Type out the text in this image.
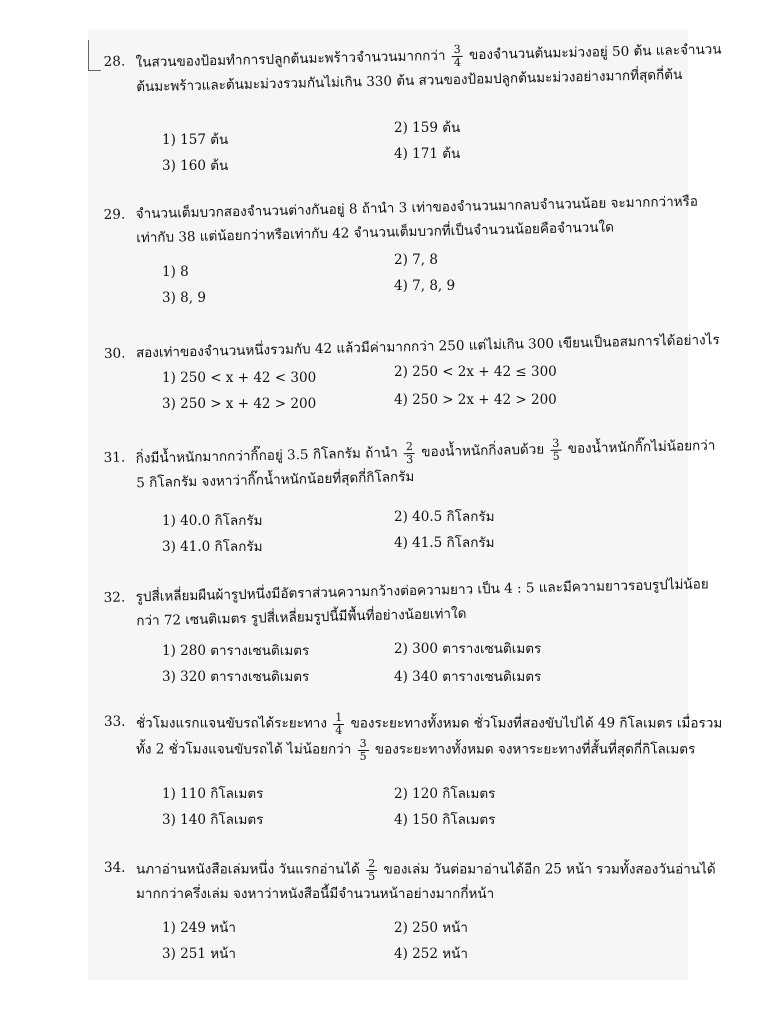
28. ในสวนของป้อมทำการปลูกต้นมะพร้าวจำนวนมากกว่า $\frac{3}{4}$ ของจำนวนต้นมะม่วงอยู่ 50 ต้น และจำนวน
ต้นมะพร้าวและต้นมะม่วงรวมกันไม่เกิน 330 ต้น สวนของป้อมปลูกต้นมะม่วงอย่างมากที่สุดกี่ต้น
1) 157 ต้น
2) 159 ต้น
3) 160 ต้น
4) 171 ต้น
29. จำนวนเต็มบวกสองจำนวนต่างกันอยู่ 8 ถ้านำ 3 เท่าของจำนวนมากลบจำนวนน้อย จะมากกว่าหรือ
เท่ากับ 38 แต่น้อยกว่าหรือเท่ากับ 42 จำนวนเต็มบวกที่เป็นจำนวนน้อยคือจำนวนใด
1) 8
2) 7, 8
3) 8, 9
4) 7, 8, 9
30. สองเท่าของจำนวนหนึ่งรวมกับ 42 แล้วมีค่ามากกว่า 250 แต่ไม่เกิน 300 เขียนเป็นอสมการได้อย่างไร
1) 250 < x + 42 < 300	2) 250 < 2x + 42 ≤ 300
3) 250 > x + 42 > 200	4) 250 > 2x + 42 > 200
31. กิ่งมีน้ำหนักมากกว่ากิ๊กอยู่ 3.5 กิโลกรัม ถ้านำ $\frac{2}{3}$ ของน้ำหนักกิ่งลบด้วย $\frac{3}{5}$ ของน้ำหนักกิ๊กไม่น้อยกว่า
5 กิโลกรัม จงหาว่ากิ๊กน้ำหนักน้อยที่สุดกี่กิโลกรัม
1) 40.0 กิโลกรัม	2) 40.5 กิโลกรัม
3) 41.0 กิโลกรัม	4) 41.5 กิโลกรัม
32. รูปสี่เหลี่ยมผืนผ้ารูปหนึ่งมีอัตราส่วนความกว้างต่อความยาว เป็น 4 : 5 และมีความยาวรอบรูปไม่น้อย
กว่า 72 เซนติเมตร รูปสี่เหลี่ยมรูปนี้มีพื้นที่อย่างน้อยเท่าใด
1) 280 ตารางเซนติเมตร	2) 300 ตารางเซนติเมตร
3) 320 ตารางเซนติเมตร	4) 340 ตารางเซนติเมตร
33. ชั่วโมงแรกแจนขับรถได้ระยะทาง $\frac{1}{4}$ ของระยะทางทั้งหมด ชั่วโมงที่สองขับไปได้ 49 กิโลเมตร เมื่อรวม
ทั้ง 2 ชั่วโมงแจนขับรถได้ ไม่น้อยกว่า $\frac{3}{5}$ ของระยะทางทั้งหมด จงหาระยะทางที่สั้นที่สุดกี่กิโลเมตร
1) 110 กิโลเมตร	2) 120 กิโลเมตร
3) 140 กิโลเมตร	4) 150 กิโลเมตร
34. นภาอ่านหนังสือเล่มหนึ่ง วันแรกอ่านได้ $\frac{2}{5}$ ของเล่ม วันต่อมาอ่านได้อีก 25 หน้า รวมทั้งสองวันอ่านได้
มากกว่าครึ่งเล่ม จงหาว่าหนังสือนี้มีจำนวนหน้าอย่างมากกี่หน้า
1) 249 หน้า	2) 250 หน้า
3) 251 หน้า	4) 252 หน้า
